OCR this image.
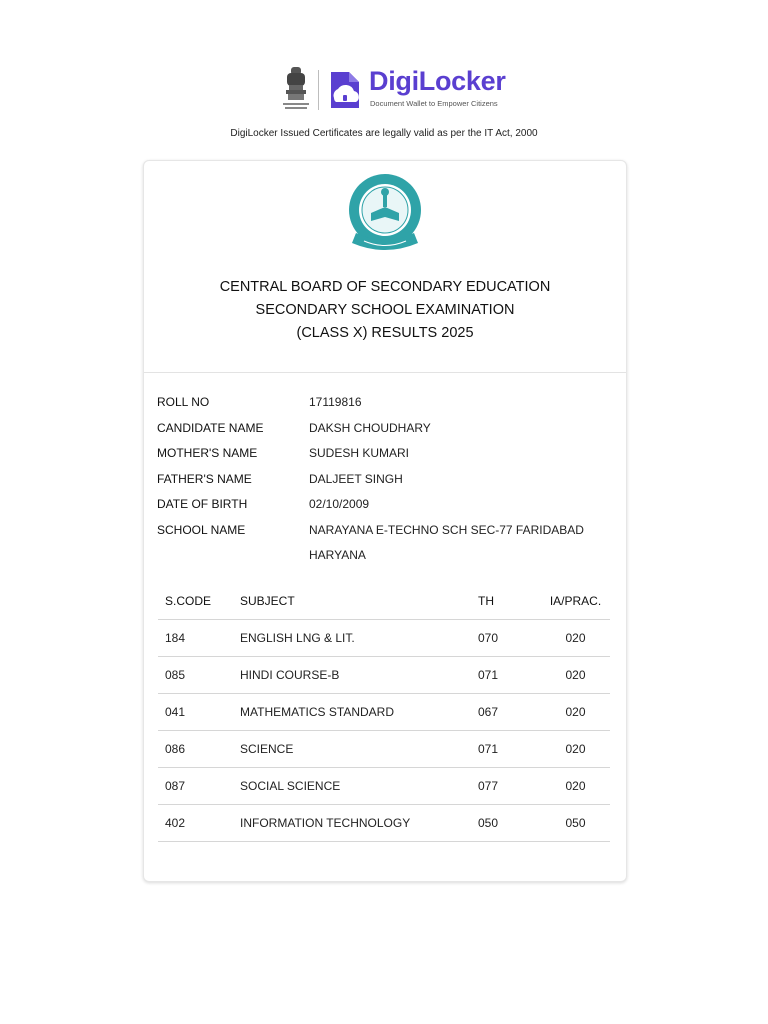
DigiLocker
Document Wallet to Empower Citizens
DigiLocker Issued Certificates are legally valid as per the IT Act, 2000
CENTRAL BOARD OF SECONDARY EDUCATION
SECONDARY SCHOOL EXAMINATION
(CLASS X) RESULTS 2025
ROLL NO	17119816
CANDIDATE NAME	DAKSH CHOUDHARY
MOTHER'S NAME	SUDESH KUMARI
FATHER'S NAME	DALJEET SINGH
DATE OF BIRTH	02/10/2009
SCHOOL NAME	NARAYANA E-TECHNO SCH SEC-77 FARIDABAD HARYANA
S.CODE	SUBJECT	TH	IA/PRAC.
184	ENGLISH LNG & LIT.	070	020
085	HINDI COURSE-B	071	020
041	MATHEMATICS STANDARD	067	020
086	SCIENCE	071	020
087	SOCIAL SCIENCE	077	020
402	INFORMATION TECHNOLOGY	050	050
